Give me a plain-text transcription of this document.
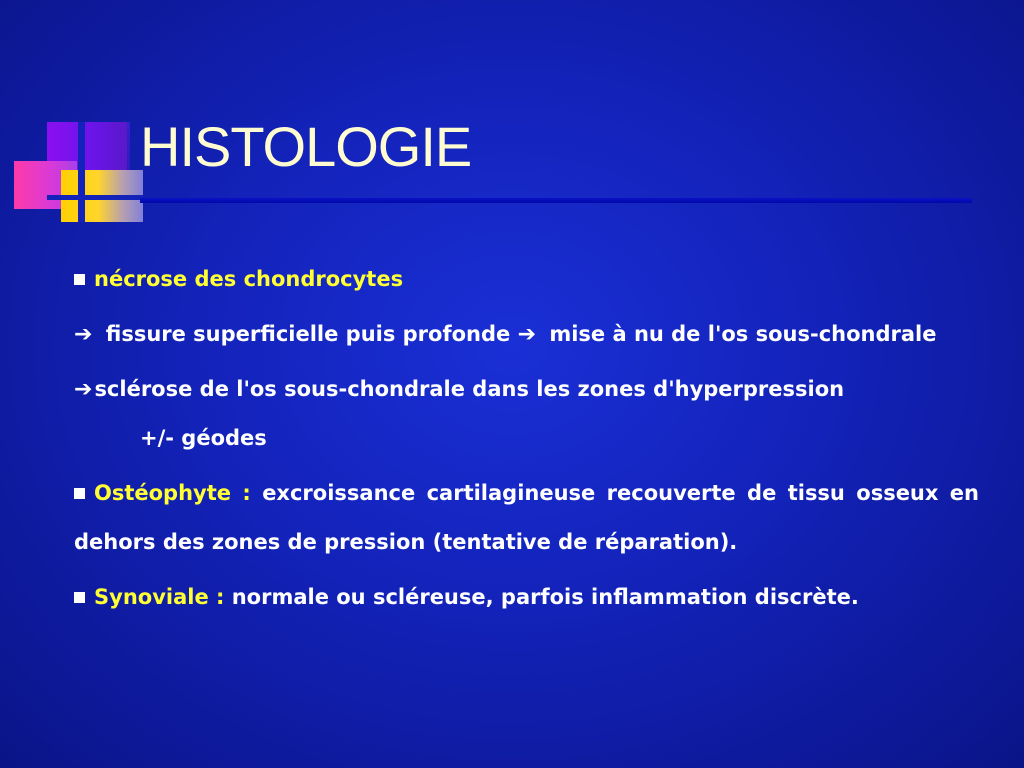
HISTOLOGIE

nécrose des chondrocytes

➔ fissure superficielle puis profonde ➔ mise à nu de l'os sous-chondrale

➔sclérose de l'os sous-chondrale dans les zones d'hyperpression
+/- géodes

Ostéophyte : excroissance cartilagineuse recouverte de tissu osseux en dehors des zones de pression (tentative de réparation).

Synoviale : normale ou scléreuse, parfois inflammation discrète.
